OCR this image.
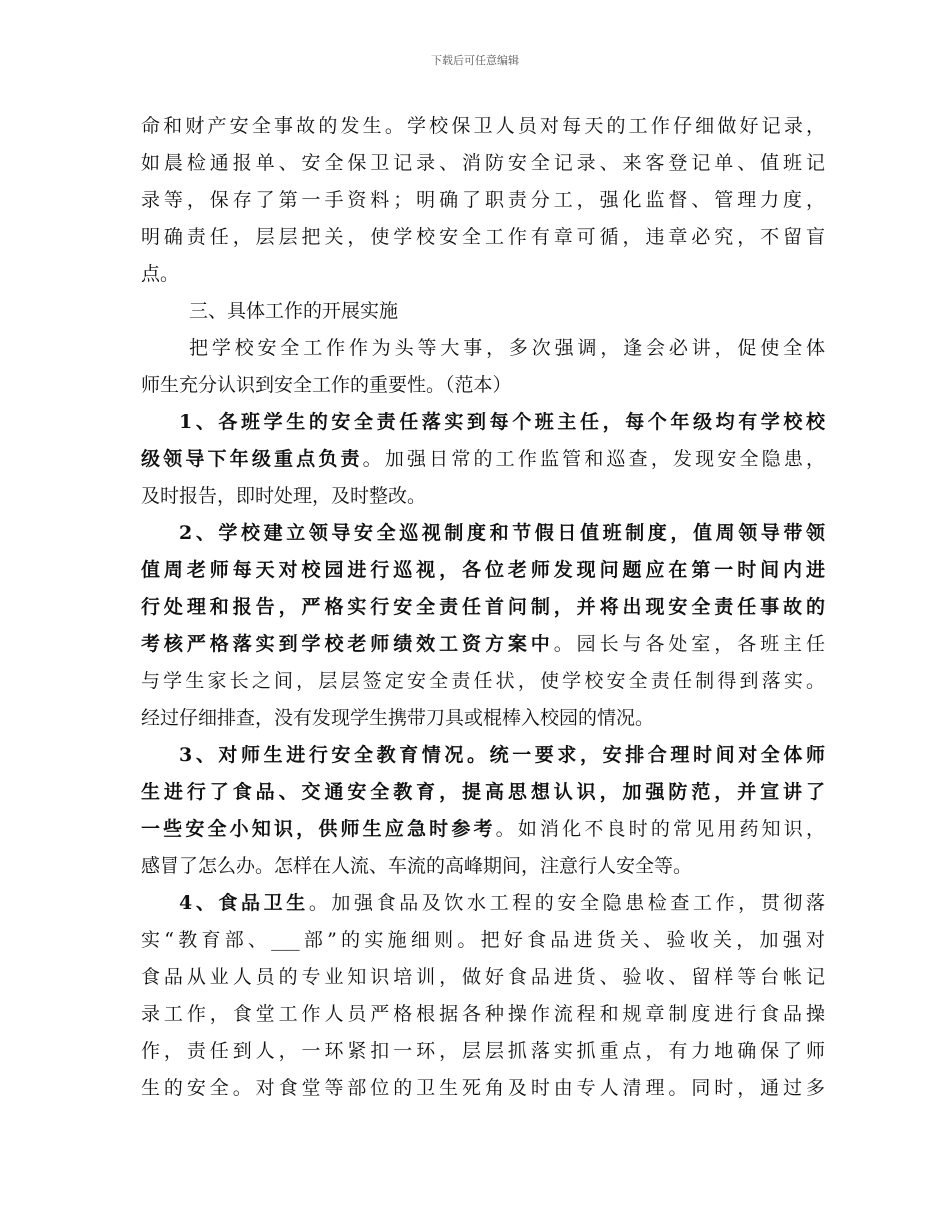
下载后可任意编辑
命和财产安全事故的发生。学校保卫人员对每天的工作仔细做好记录，
如晨检通报单、安全保卫记录、消防安全记录、来客登记单、值班记
录等，保存了第一手资料；明确了职责分工，强化监督、管理力度，
明确责任，层层把关，使学校安全工作有章可循，违章必究，不留盲
点。
三、具体工作的开展实施
把学校安全工作作为头等大事，多次强调，逢会必讲，促使全体
师生充分认识到安全工作的重要性。（范本）
1、各班学生的安全责任落实到每个班主任，每个年级均有学校校
级领导下年级重点负责。加强日常的工作监管和巡查，发现安全隐患，
及时报告，即时处理，及时整改。
2、学校建立领导安全巡视制度和节假日值班制度，值周领导带领
值周老师每天对校园进行巡视，各位老师发现问题应在第一时间内进
行处理和报告，严格实行安全责任首问制，并将出现安全责任事故的
考核严格落实到学校老师绩效工资方案中。园长与各处室，各班主任
与学生家长之间，层层签定安全责任状，使学校安全责任制得到落实。
经过仔细排查，没有发现学生携带刀具或棍棒入校园的情况。
3、对师生进行安全教育情况。统一要求，安排合理时间对全体师
生进行了食品、交通安全教育，提高思想认识，加强防范，并宣讲了
一些安全小知识，供师生应急时参考。如消化不良时的常见用药知识，
感冒了怎么办。怎样在人流、车流的高峰期间，注意行人安全等。
4、食品卫生。加强食品及饮水工程的安全隐患检查工作，贯彻落
实“教育部、___部”的实施细则。把好食品进货关、验收关，加强对
食品从业人员的专业知识培训，做好食品进货、验收、留样等台帐记
录工作，食堂工作人员严格根据各种操作流程和规章制度进行食品操
作，责任到人，一环紧扣一环，层层抓落实抓重点，有力地确保了师
生的安全。对食堂等部位的卫生死角及时由专人清理。同时，通过多
